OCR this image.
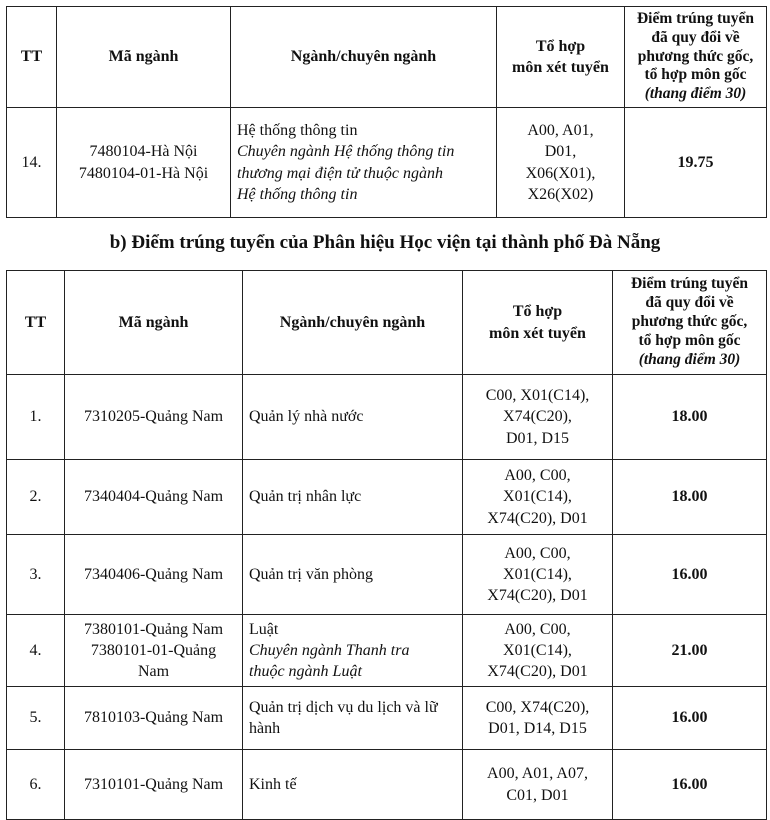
TT	Mã ngành	Ngành/chuyên ngành	Tổ hợp
môn xét tuyển	Điểm trúng tuyển
đã quy đổi về
phương thức gốc,
tổ hợp môn gốc
(thang điểm 30)

14.	7480104-Hà Nội
7480104-01-Hà Nội	Hệ thống thông tin
Chuyên ngành Hệ thống thông tin
thương mại điện tử thuộc ngành
Hệ thống thông tin	A00, A01,
D01,
X06(X01),
X26(X02)	19.75
b) Điểm trúng tuyển của Phân hiệu Học viện tại thành phố Đà Nẵng
TT	Mã ngành	Ngành/chuyên ngành	Tổ hợp
môn xét tuyển	Điểm trúng tuyển
đã quy đổi về
phương thức gốc,
tổ hợp môn gốc
(thang điểm 30)

1.	7310205-Quảng Nam	Quản lý nhà nước	C00, X01(C14),
X74(C20),
D01, D15	18.00
2.	7340404-Quảng Nam	Quản trị nhân lực	A00, C00,
X01(C14),
X74(C20), D01	18.00
3.	7340406-Quảng Nam	Quản trị văn phòng	A00, C00,
X01(C14),
X74(C20), D01	16.00
4.	7380101-Quảng Nam
7380101-01-Quảng
Nam	Luật
Chuyên ngành Thanh tra
thuộc ngành Luật	A00, C00,
X01(C14),
X74(C20), D01	21.00
5.	7810103-Quảng Nam	Quản trị dịch vụ du lịch và lữ
hành	C00, X74(C20),
D01, D14, D15	16.00
6.	7310101-Quảng Nam	Kinh tế	A00, A01, A07,
C01, D01	16.00
